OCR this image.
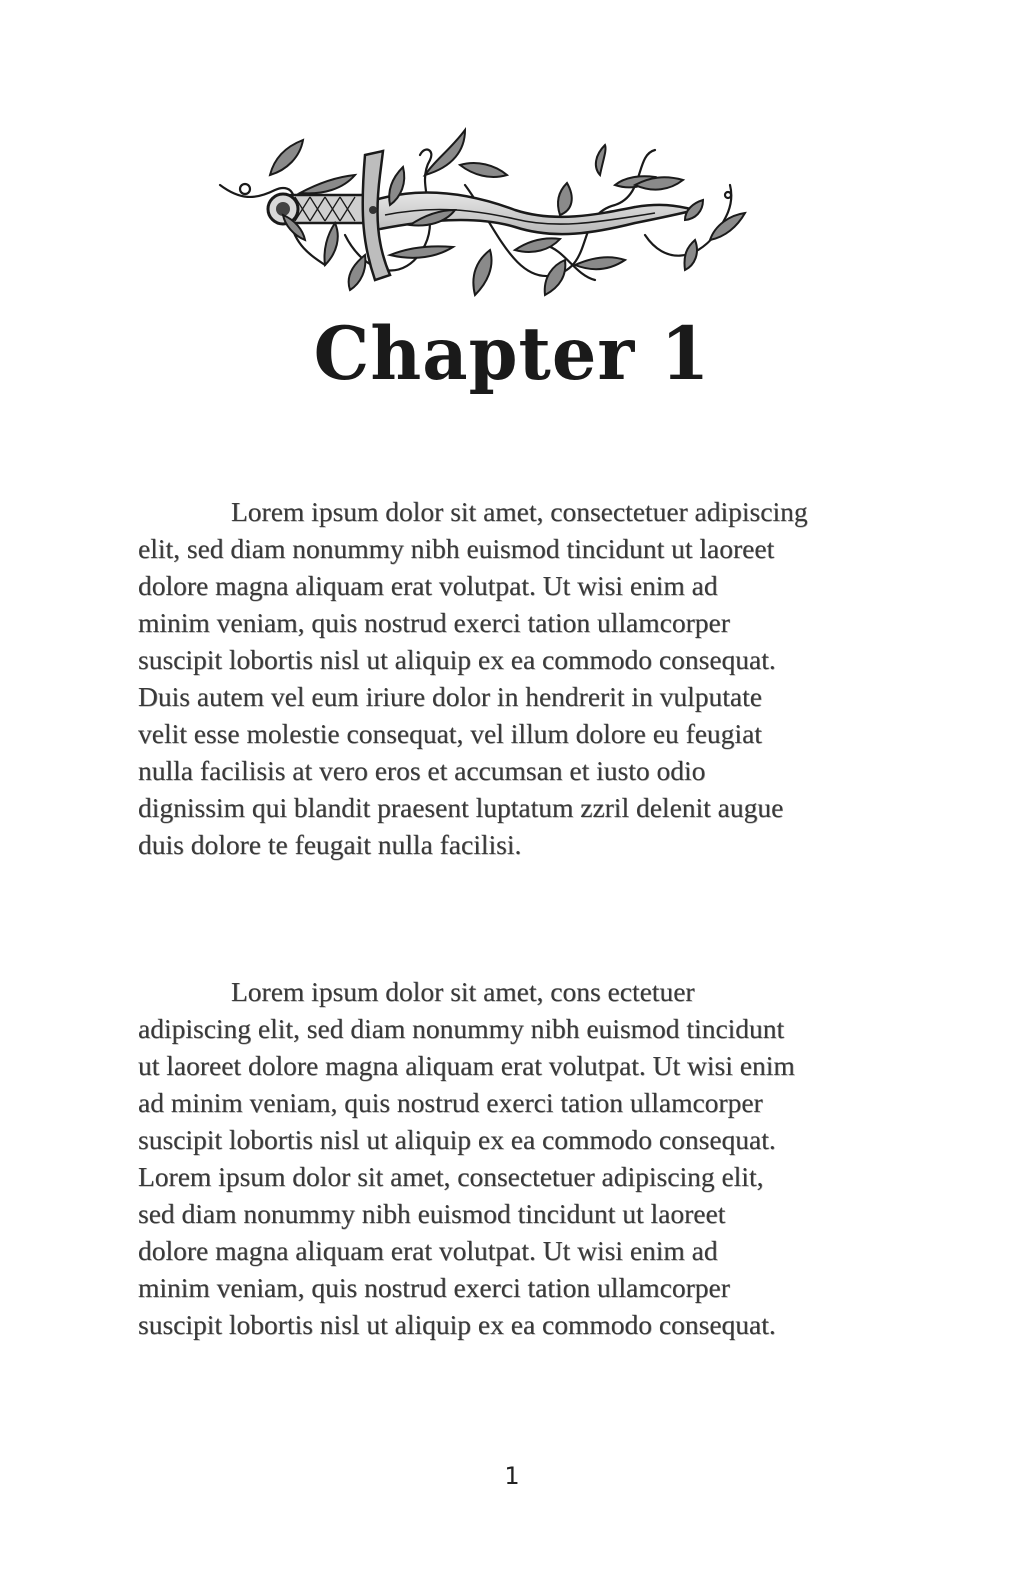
Chapter 1
Lorem ipsum dolor sit amet, consectetuer adipiscing
elit, sed diam nonummy nibh euismod tincidunt ut laoreet
dolore magna aliquam erat volutpat. Ut wisi enim ad
minim veniam, quis nostrud exerci tation ullamcorper
suscipit lobortis nisl ut aliquip ex ea commodo consequat.
Duis autem vel eum iriure dolor in hendrerit in vulputate
velit esse molestie consequat, vel illum dolore eu feugiat
nulla facilisis at vero eros et accumsan et iusto odio
dignissim qui blandit praesent luptatum zzril delenit augue
duis dolore te feugait nulla facilisi.
Lorem ipsum dolor sit amet, cons ectetuer
adipiscing elit, sed diam nonummy nibh euismod tincidunt
ut laoreet dolore magna aliquam erat volutpat. Ut wisi enim
ad minim veniam, quis nostrud exerci tation ullamcorper
suscipit lobortis nisl ut aliquip ex ea commodo consequat.
Lorem ipsum dolor sit amet, consectetuer adipiscing elit,
sed diam nonummy nibh euismod tincidunt ut laoreet
dolore magna aliquam erat volutpat. Ut wisi enim ad
minim veniam, quis nostrud exerci tation ullamcorper
suscipit lobortis nisl ut aliquip ex ea commodo consequat.
1
